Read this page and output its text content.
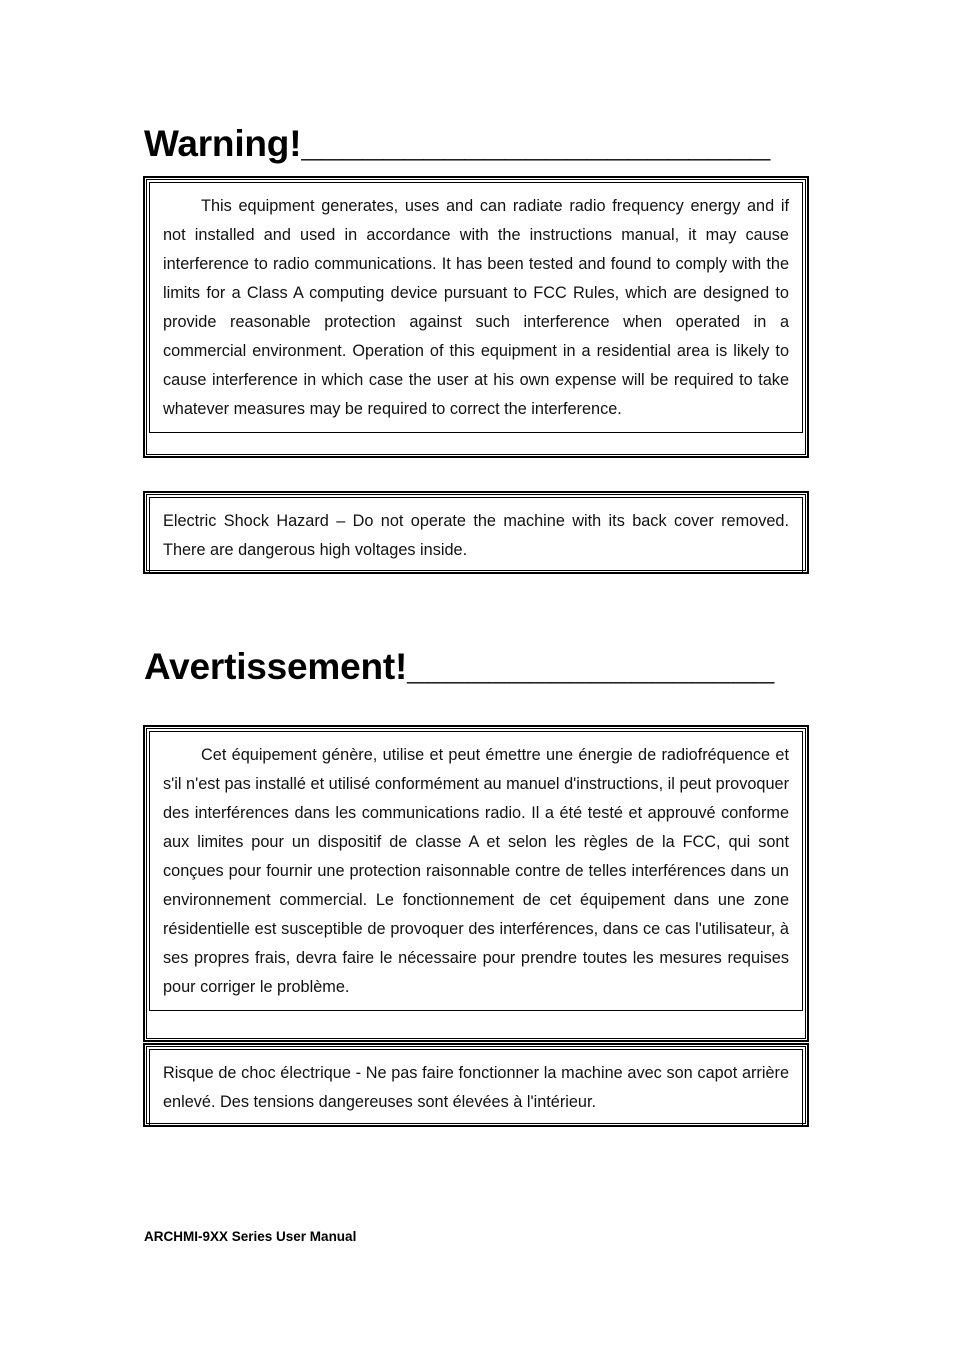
Warning!_______________________

This equipment generates, uses and can radiate radio frequency energy and if not installed and used in accordance with the instructions manual, it may cause interference to radio communications. It has been tested and found to comply with the limits for a Class A computing device pursuant to FCC Rules, which are designed to provide reasonable protection against such interference when operated in a commercial environment. Operation of this equipment in a residential area is likely to cause interference in which case the user at his own expense will be required to take whatever measures may be required to correct the interference.

Electric Shock Hazard – Do not operate the machine with its back cover removed. There are dangerous high voltages inside.

Avertissement!__________________

Cet équipement génère, utilise et peut émettre une énergie de radiofréquence et s'il n'est pas installé et utilisé conformément au manuel d'instructions, il peut provoquer des interférences dans les communications radio. Il a été testé et approuvé conforme aux limites pour un dispositif de classe A et selon les règles de la FCC, qui sont conçues pour fournir une protection raisonnable contre de telles interférences dans un environnement commercial. Le fonctionnement de cet équipement dans une zone résidentielle est susceptible de provoquer des interférences, dans ce cas l'utilisateur, à ses propres frais, devra faire le nécessaire pour prendre toutes les mesures requises pour corriger le problème.

Risque de choc électrique - Ne pas faire fonctionner la machine avec son capot arrière enlevé. Des tensions dangereuses sont élevées à l'intérieur.

ARCHMI-9XX Series User Manual
